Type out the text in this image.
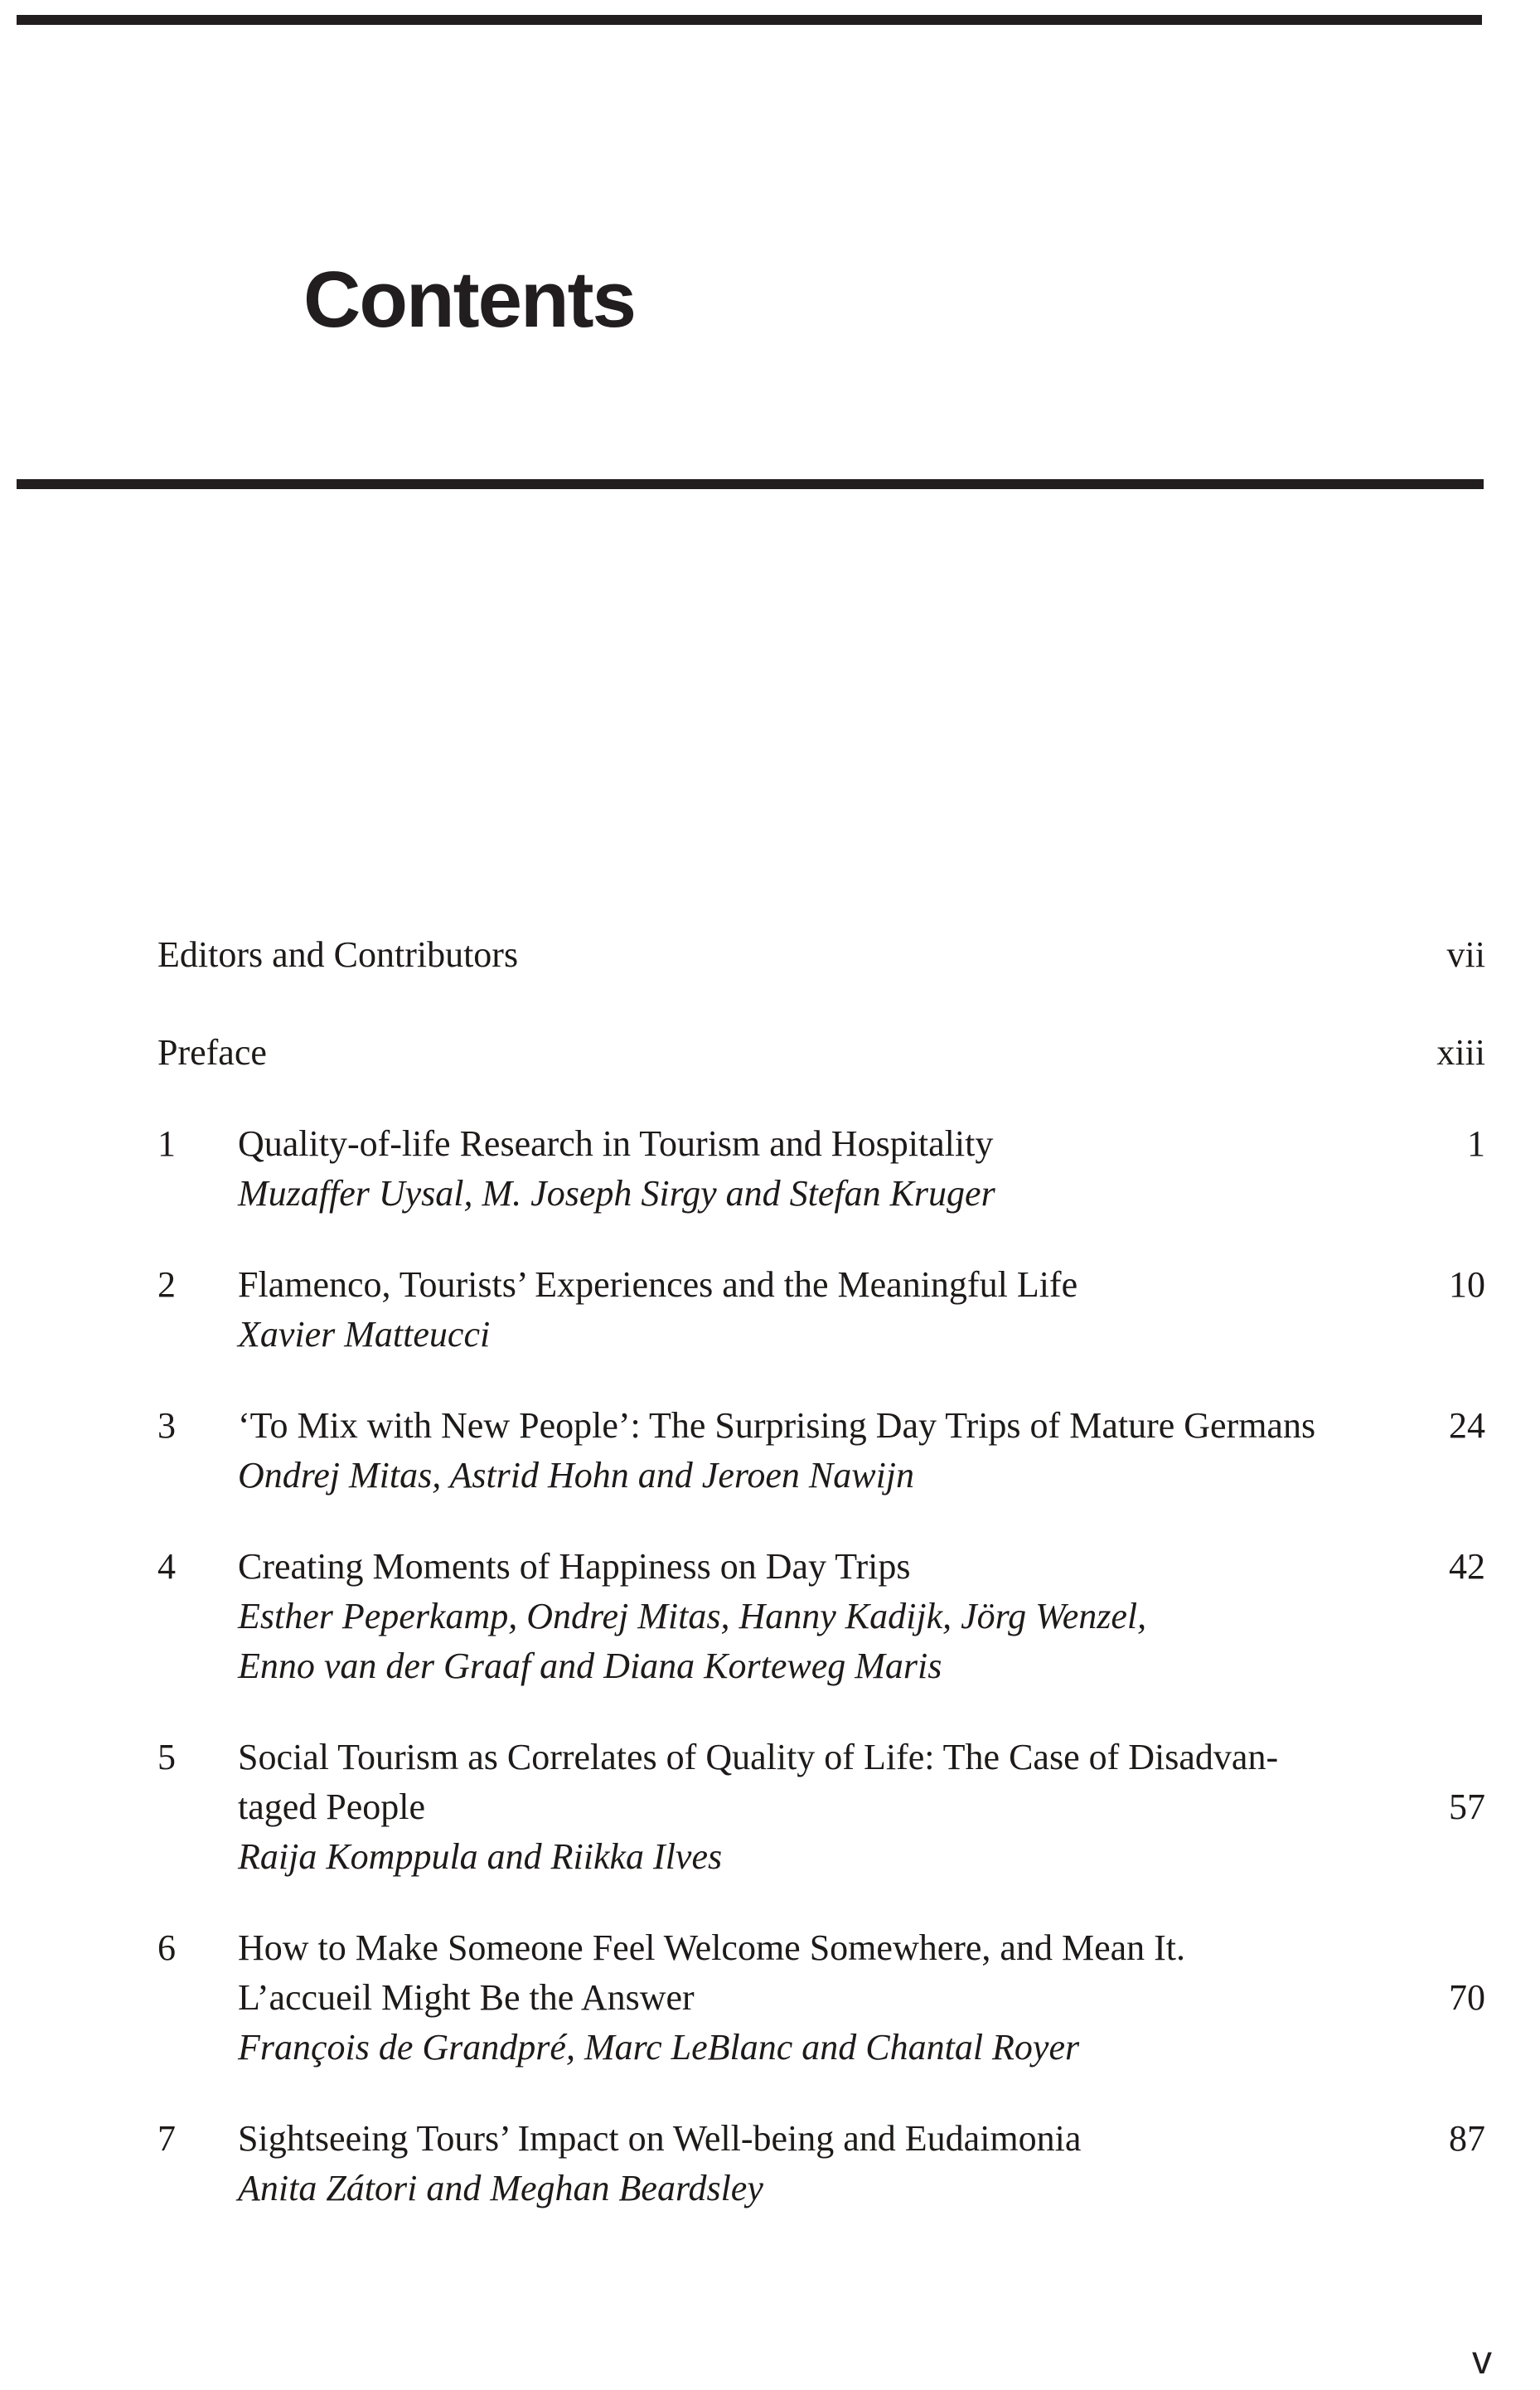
Contents
Editors and Contributors	vii
Preface	xiii
1	Quality-of-life Research in Tourism and Hospitality	1
Muzaffer Uysal, M. Joseph Sirgy and Stefan Kruger
2	Flamenco, Tourists’ Experiences and the Meaningful Life	10
Xavier Matteucci
3	‘To Mix with New People’: The Surprising Day Trips of Mature Germans	24
Ondrej Mitas, Astrid Hohn and Jeroen Nawijn
4	Creating Moments of Happiness on Day Trips	42
Esther Peperkamp, Ondrej Mitas, Hanny Kadijk, Jörg Wenzel,
Enno van der Graaf and Diana Korteweg Maris
5	Social Tourism as Correlates of Quality of Life: The Case of Disadvan-
taged People	57
Raija Komppula and Riikka Ilves
6	How to Make Someone Feel Welcome Somewhere, and Mean It.
L’accueil Might Be the Answer	70
François de Grandpré, Marc LeBlanc and Chantal Royer
7	Sightseeing Tours’ Impact on Well-being and Eudaimonia	87
Anita Zátori and Meghan Beardsley
v
